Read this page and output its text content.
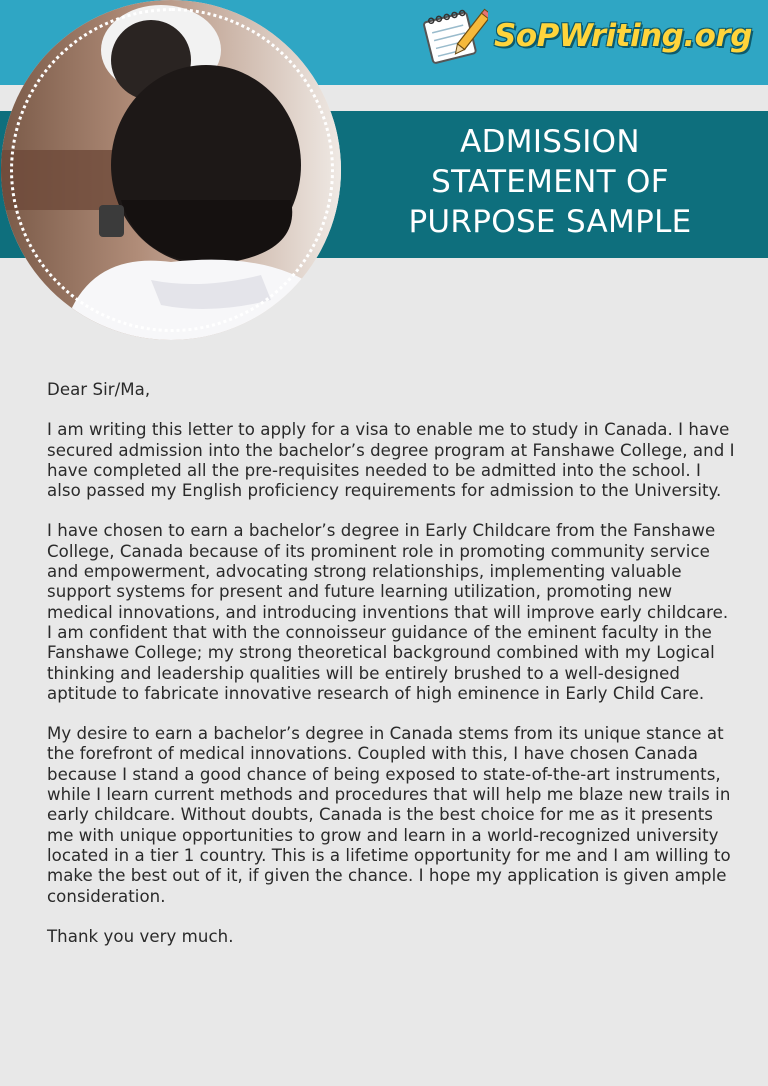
SoPWriting.org
ADMISSION
STATEMENT OF
PURPOSE SAMPLE

Dear Sir/Ma,

I am writing this letter to apply for a visa to enable me to study in Canada. I have secured admission into the bachelor’s degree program at Fanshawe College, and I have completed all the pre-requisites needed to be admitted into the school. I also passed my English proficiency requirements for admission to the University.

I have chosen to earn a bachelor’s degree in Early Childcare from the Fanshawe College, Canada because of its prominent role in promoting community service and empowerment, advocating strong relationships, implementing valuable support systems for present and future learning utilization, promoting new medical innovations, and introducing inventions that will improve early childcare. I am confident that with the connoisseur guidance of the eminent faculty in the Fanshawe College; my strong theoretical background combined with my Logical thinking and leadership qualities will be entirely brushed to a well-designed aptitude to fabricate innovative research of high eminence in Early Child Care.

My desire to earn a bachelor’s degree in Canada stems from its unique stance at the forefront of medical innovations. Coupled with this, I have chosen Canada because I stand a good chance of being exposed to state-of-the-art instruments, while I learn current methods and procedures that will help me blaze new trails in early childcare. Without doubts, Canada is the best choice for me as it presents me with unique opportunities to grow and learn in a world-recognized university located in a tier 1 country. This is a lifetime opportunity for me and I am willing to make the best out of it, if given the chance. I hope my application is given ample consideration.

Thank you very much.
